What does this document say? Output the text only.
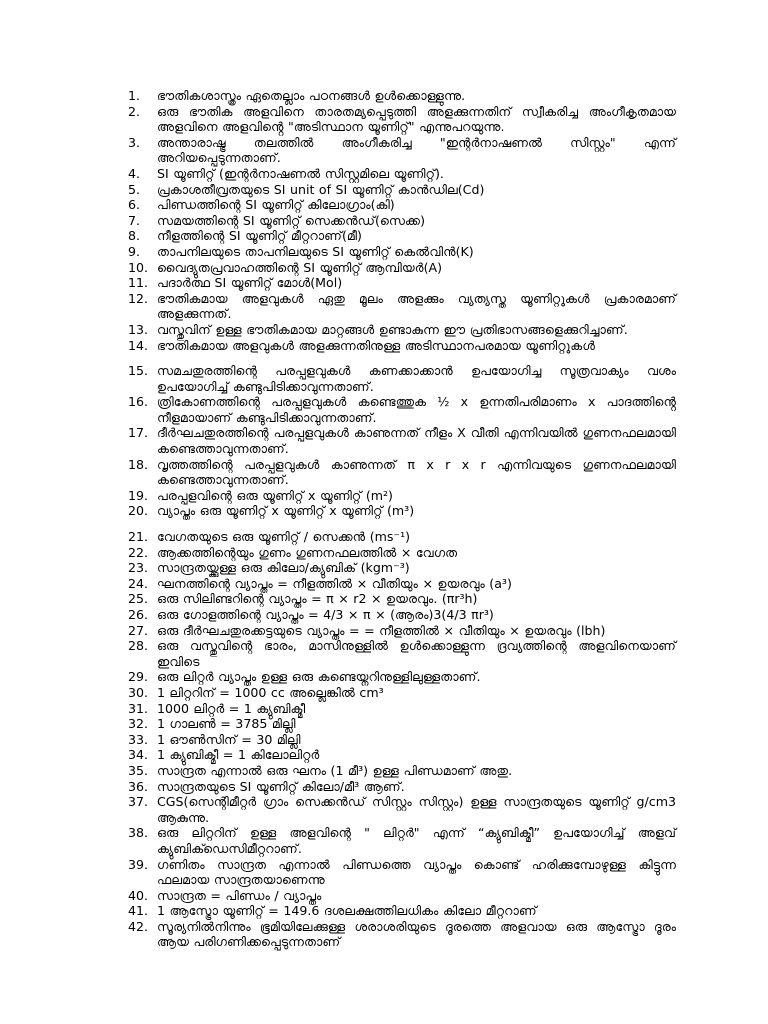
1.	ഭൗതികശാസ്ത്രം ഏതെല്ലാം പഠനങ്ങൾ ഉൾക്കൊള്ളുന്നു.
2.	ഒരു ഭൗതിക അളവിനെ താരതമ്യപ്പെടുത്തി അളക്കുന്നതിന് സ്വീകരിച്ച അംഗീകൃതമായ അളവിനെ അളവിൻ്റെ "അടിസ്ഥാന യൂണിറ്റ്" എന്നുപറയുന്നു.
3.	അന്താരാഷ്ട്ര തലത്തിൽ അംഗീകരിച്ച "ഇന്റർനാഷണൽ സിസ്റ്റം" എന്ന് അറിയപ്പെടുന്നതാണ്.
4.	SI യൂണിറ്റ് (ഇന്റർനാഷണൽ സിസ്റ്റമിലെ യൂണിറ്റ്).
5.	പ്രകാശതീവ്രതയുടെ SI unit of SI യൂണിറ്റ് കാൻഡില(Cd)
6.	പിണ്ഡത്തിന്റെ SI യൂണിറ്റ് കിലോഗ്രാം(കി)
7.	സമയത്തിന്റെ SI യൂണിറ്റ് സെക്കൻഡ്(സെക്ക)
8.	നീളത്തിന്റെ SI യൂണിറ്റ് മീറ്ററാണ്(മീ)
9.	താപനിലയുടെ താപനിലയുടെ SI യൂണിറ്റ് കെൽവിൻ(K)
10. വൈദ്യുതപ്രവാഹത്തിന്റെ SI യൂണിറ്റ് ആമ്പിയർ(A)
11. പദാർത്ഥ SI യൂണിറ്റ് മോൾ(Mol)
12. ഭൗതികമായ അളവുകൾ ഏതു മൂലം അളക്കും വ്യത്യസ്ത യൂണിറ്റുകൾ പ്രകാരമാണ് അളക്കുന്നത്.
13. വസ്തുവിന് ഉള്ള ഭൗതികമായ മാറ്റങ്ങൾ ഉണ്ടാകുന്ന ഈ പ്രതിഭാസങ്ങളെക്കുറിച്ചാണ്.
14. ഭൗതികമായ അളവുകൾ അളക്കുന്നതിനുള്ള അടിസ്ഥാനപരമായ യൂണിറ്റുകൾ
15. സമചതുരത്തിന്റെ പരപ്പളവുകൾ കണക്കാക്കാൻ ഉപയോഗിച്ച സൂത്രവാക്യം വശം ഉപയോഗിച്ച് കണ്ടുപിടിക്കാവുന്നതാണ്.
16. ത്രികോണത്തിന്റെ പരപ്പളവുകൾ കണ്ടെത്തുക ½ x ഉന്നതിപരിമാണം x പാദത്തിൻ്റെ നീളമായാണ് കണ്ടുപിടിക്കാവുന്നതാണ്.
17. ദീർഘചതുരത്തിന്റെ പരപ്പളവുകൾ കാണുന്നത് നീളം X വീതി എന്നിവയിൽ ഗുണനഫലമായി കണ്ടെത്താവുന്നതാണ്.
18. വൃത്തത്തിന്റെ പരപ്പളവുകൾ കാണുന്നത് π x r x r എന്നിവയുടെ ഗുണനഫലമായി കണ്ടെത്താവുന്നതാണ്.
19. പരപ്പളവിന്റെ ഒരു യൂണിറ്റ് x യൂണിറ്റ് (m²)
20. വ്യാപ്തം ഒരു യൂണിറ്റ് x യൂണിറ്റ് x യൂണിറ്റ് (m³)
21. വേഗതയുടെ ഒരു യൂണിറ്റ് / സെക്കൻ (ms⁻¹)
22. ആക്കത്തിന്റെയും ഗുണം ഗുണനഫലത്തിൽ × വേഗത
23. സാന്ദ്രതയ്ക്കുള്ള ഒരു കിലോ/ക്യുബിക് (kgm⁻³)
24. ഘനത്തിന്റെ വ്യാപ്തം = നീളത്തിൽ × വീതിയും × ഉയരവും (a³)
25. ഒരു സിലിണ്ടറിന്റെ വ്യാപ്തം = π × r2 × ഉയരവും. (πr³h)
26. ഒരു ഗോളത്തിന്റെ വ്യാപ്തം = 4/3 × π × (ആരം)3(4/3 πr³)
27. ഒരു ദീർഘചതുരക്കട്ടയുടെ വ്യാപ്തം = = നീളത്തിൽ × വീതിയും × ഉയരവും (lbh)
28. ഒരു വസ്തുവിന്റെ ഭാരം, മാസിനുള്ളിൽ ഉൾക്കൊള്ളുന്ന ദ്രവ്യത്തിന്റെ അളവിനെയാണ് ഇവിടെ
29. ഒരു ലിറ്റർ വ്യാപ്തം ഉള്ള ഒരു കണ്ടെയ്നറിനുള്ളിലുള്ളതാണ്.
30. 1 ലിറ്ററിന് = 1000 cc അല്ലെങ്കിൽ cm³
31. 1000 ലിറ്റർ = 1 ക്യുബിക്മീ
32. 1 ഗാലൺ = 3785 മില്ലി
33. 1 ഔൺസിന് = 30 മില്ലി
34. 1 ക്യുബിക്മീ = 1 കിലോലിറ്റർ
35. സാന്ദ്രത എന്നാൽ ഒരു ഘനം (1 മീ³) ഉള്ള പിണ്ഡമാണ് അതു.
36. സാന്ദ്രതയുടെ SI യൂണിറ്റ് കിലോ/മീ³ ആണ്.
37. CGS(സെന്റിമീറ്റർ ഗ്രാം സെക്കൻഡ് സിസ്റ്റം സിസ്റ്റം) ഉള്ള സാന്ദ്രതയുടെ യൂണിറ്റ് g/cm3 ആകുന്നു.
38. ഒരു ലിറ്ററിന് ഉള്ള അളവിന്റെ " ലിറ്റർ" എന്ന് “ക്യുബിക്മീ” ഉപയോഗിച്ച് അളവ് ക്യുബിക്ഡെസിമീറ്ററാണ്.
39. ഗണിതം സാന്ദ്രത എന്നാൽ പിണ്ഡത്തെ വ്യാപ്തം കൊണ്ട് ഹരിക്കുമ്പോഴുള്ള കിട്ടുന്ന ഫലമായ സാന്ദ്രതയാണെന്നു
40. സാന്ദ്രത = പിണ്ഡം / വ്യാപ്തം
41. 1 ആസ്ട്രോ യൂണിറ്റ് = 149.6 ദശലക്ഷത്തിലധികം കിലോ മീറ്ററാണ്
42. സൂര്യനിൽനിന്നും ഭൂമിയിലേക്കുള്ള ശരാശരിയുടെ ദൂരത്തെ അളവായ ഒരു ആസ്ട്രോ ദൂരം ആയ പരിഗണിക്കപ്പെടുന്നതാണ്
